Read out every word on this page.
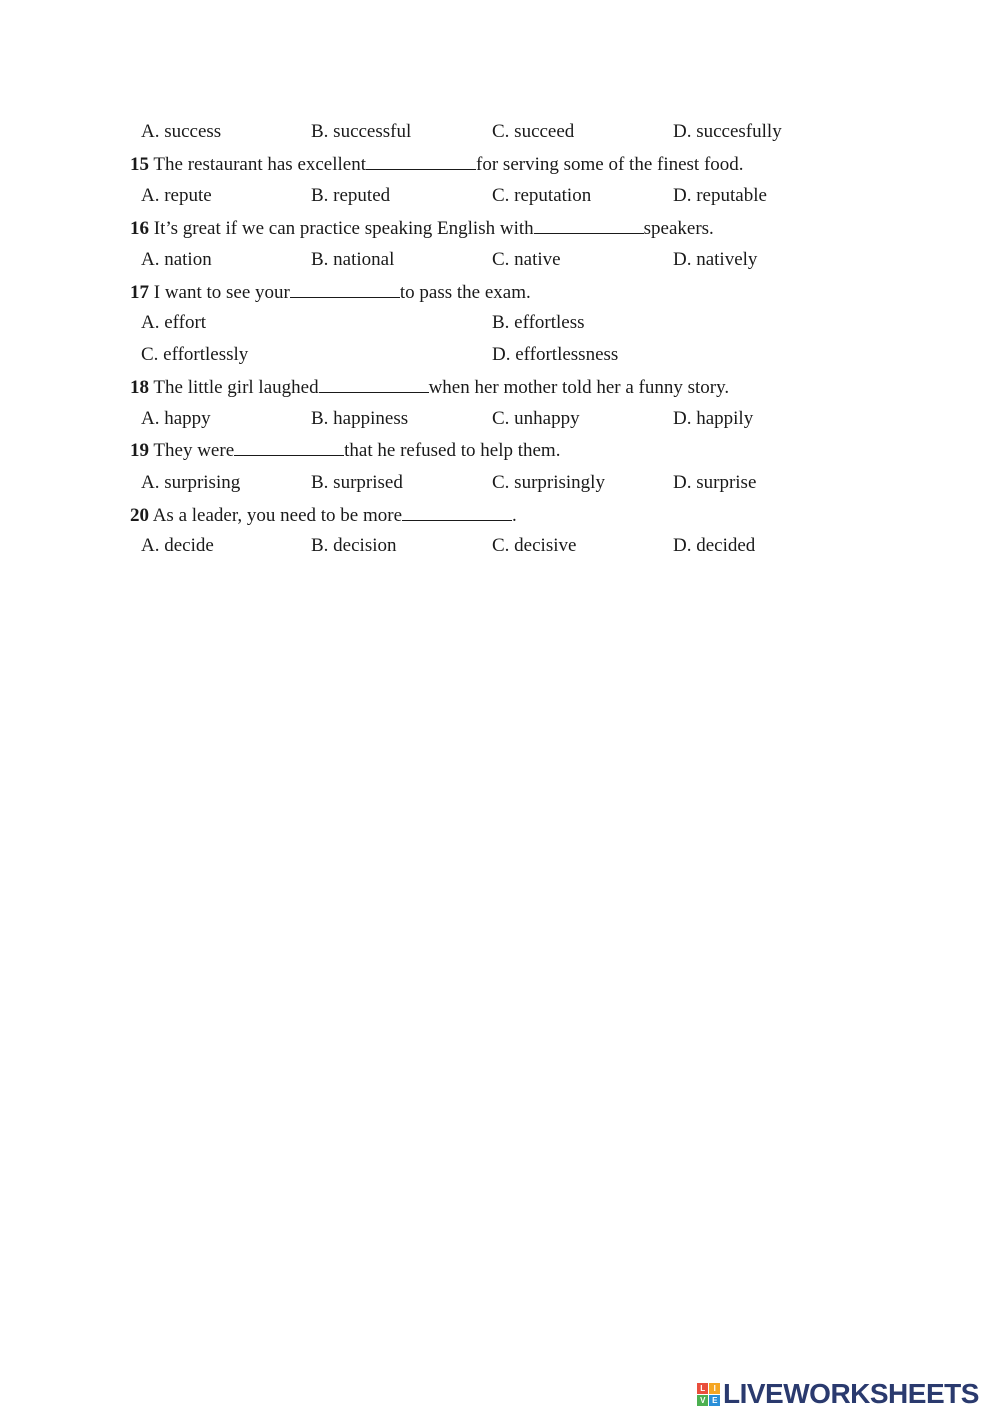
A. success	B. successful	C. succeed	D. succesfully
15 The restaurant has excellent	for serving some of the finest food.
A. repute	B. reputed	C. reputation	D. reputable
16 It’s great if we can practice speaking English with	speakers.
A. nation	B. national	C. native	D. natively
17 I want to see your	to pass the exam.
A. effort	B. effortless
C. effortlessly	D. effortlessness
18 The little girl laughed	when her mother told her a funny story.
A. happy	B. happiness	C. unhappy	D. happily
19 They were	that he refused to help them.
A. surprising	B. surprised	C. surprisingly	D. surprise
20 As a leader, you need to be more	.
A. decide	B. decision	C. decisive	D. decided
L	I
V E LIVEWORKSHEETS
